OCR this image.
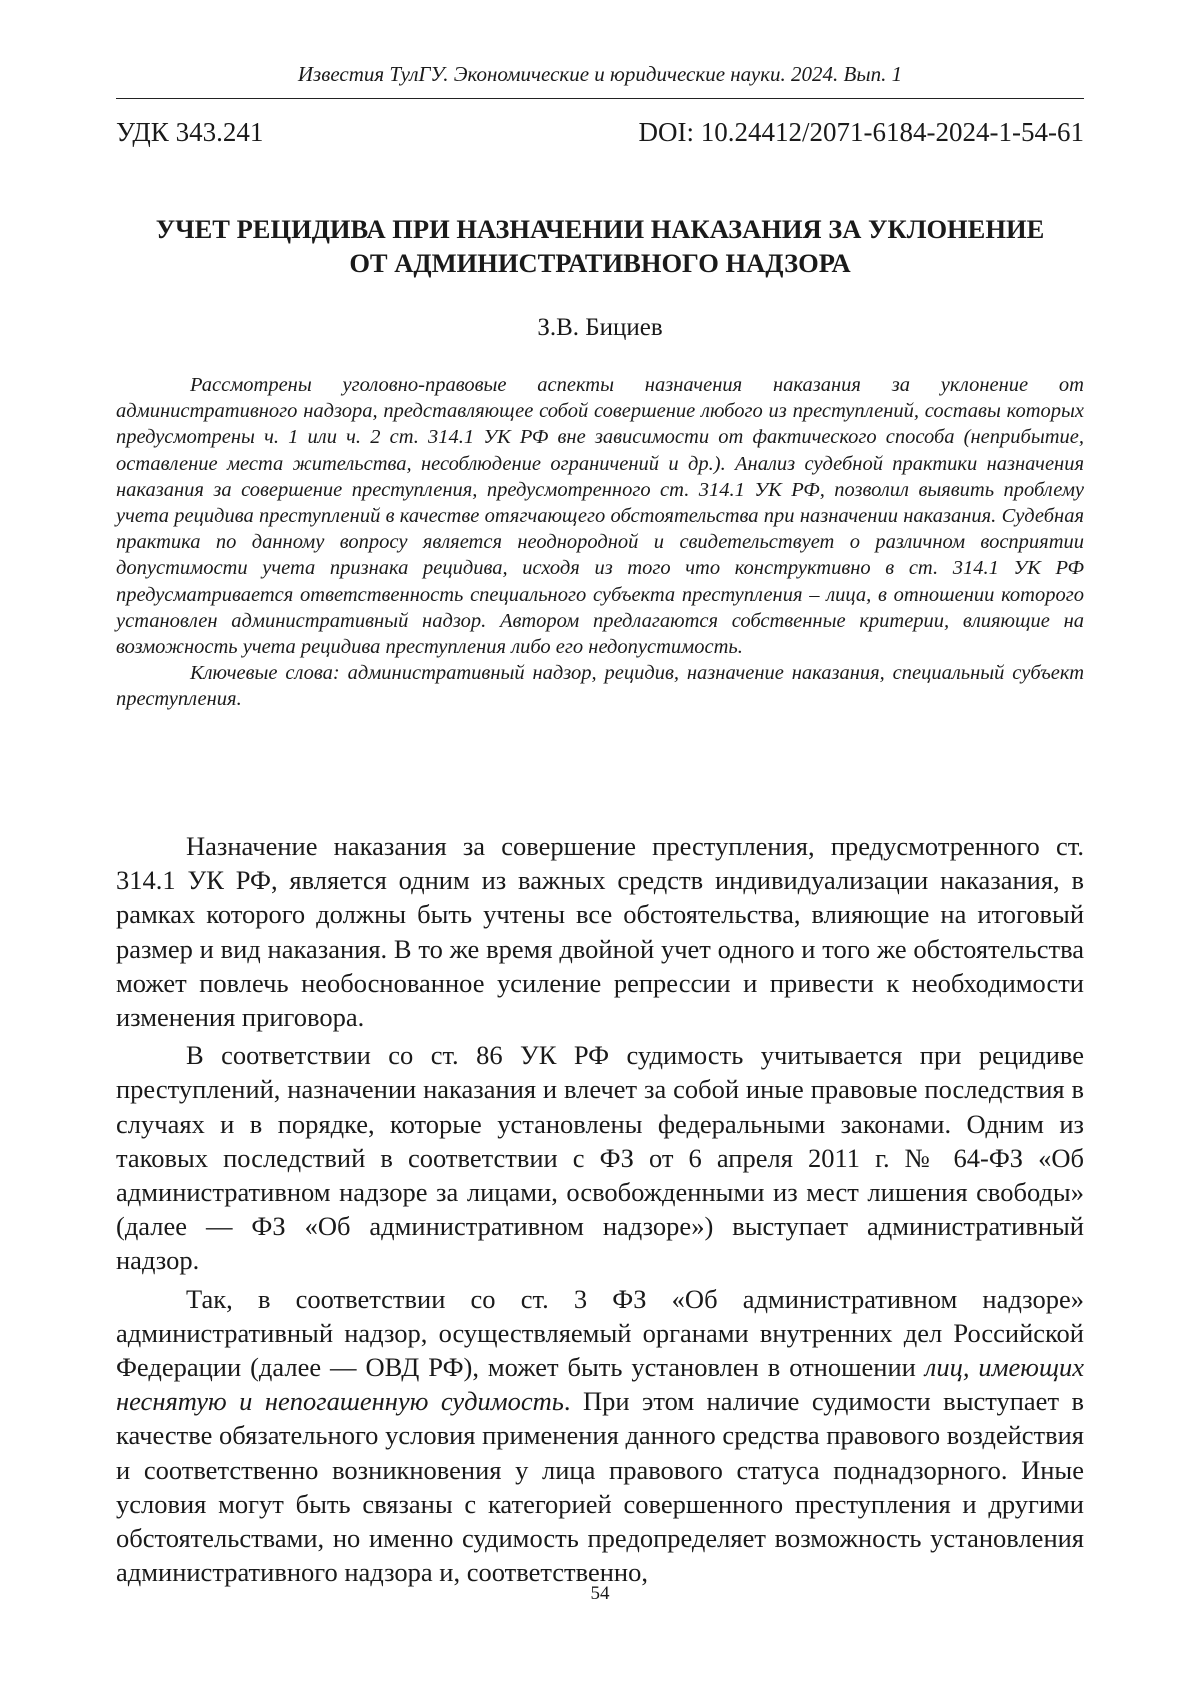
Известия ТулГУ. Экономические и юридические науки. 2024. Вып. 1
УДК 343.241	DOI: 10.24412/2071-6184-2024-1-54-61
УЧЕТ РЕЦИДИВА ПРИ НАЗНАЧЕНИИ НАКАЗАНИЯ ЗА УКЛОНЕНИЕ
ОТ АДМИНИСТРАТИВНОГО НАДЗОРА
З.В. Бициев

Рассмотрены уголовно-правовые аспекты назначения наказания за уклонение от административного надзора, представляющее собой совершение любого из преступлений, составы которых предусмотрены ч. 1 или ч. 2 ст. 314.1 УК РФ вне зависимости от фактического способа (неприбытие, оставление места жительства, несоблюдение ограничений и др.). Анализ судебной практики назначения наказания за совершение преступления, предусмотренного ст. 314.1 УК РФ, позволил выявить проблему учета рецидива преступлений в качестве отягчающего обстоятельства при назначении наказания. Судебная практика по данному вопросу является неоднородной и свидетельствует о различном восприятии допустимости учета признака рецидива, исходя из того что конструктивно в ст. 314.1 УК РФ предусматривается ответственность специального субъекта преступления – лица, в отношении которого установлен административный надзор. Автором предлагаются собственные критерии, влияющие на возможность учета рецидива преступления либо его недопустимость.

Ключевые слова: административный надзор, рецидив, назначение наказания, специальный субъект преступления.

Назначение наказания за совершение преступления, предусмотренного ст. 314.1 УК РФ, является одним из важных средств индивидуализации наказания, в рамках которого должны быть учтены все обстоятельства, влияющие на итоговый размер и вид наказания. В то же время двойной учет одного и того же обстоятельства может повлечь необоснованное усиление репрессии и привести к необходимости изменения приговора.

В соответствии со ст. 86 УК РФ судимость учитывается при рецидиве преступлений, назначении наказания и влечет за собой иные правовые последствия в случаях и в порядке, которые установлены федеральными законами. Одним из таковых последствий в соответствии с ФЗ от 6 апреля 2011 г. № 64-ФЗ «Об административном надзоре за лицами, освобожденными из мест лишения свободы» (далее — ФЗ «Об административном надзоре») выступает административный надзор.

Так, в соответствии со ст. 3 ФЗ «Об административном надзоре» административный надзор, осуществляемый органами внутренних дел Российской Федерации (далее — ОВД РФ), может быть установлен в отношении лиц, имеющих неснятую и непогашенную судимость. При этом наличие судимости выступает в качестве обязательного условия применения данного средства правового воздействия и соответственно возникновения у лица правового статуса поднадзорного. Иные условия могут быть связаны с категорией совершенного преступления и другими обстоятельствами, но именно судимость предопределяет возможность установления административного надзора и, соответственно,

54
